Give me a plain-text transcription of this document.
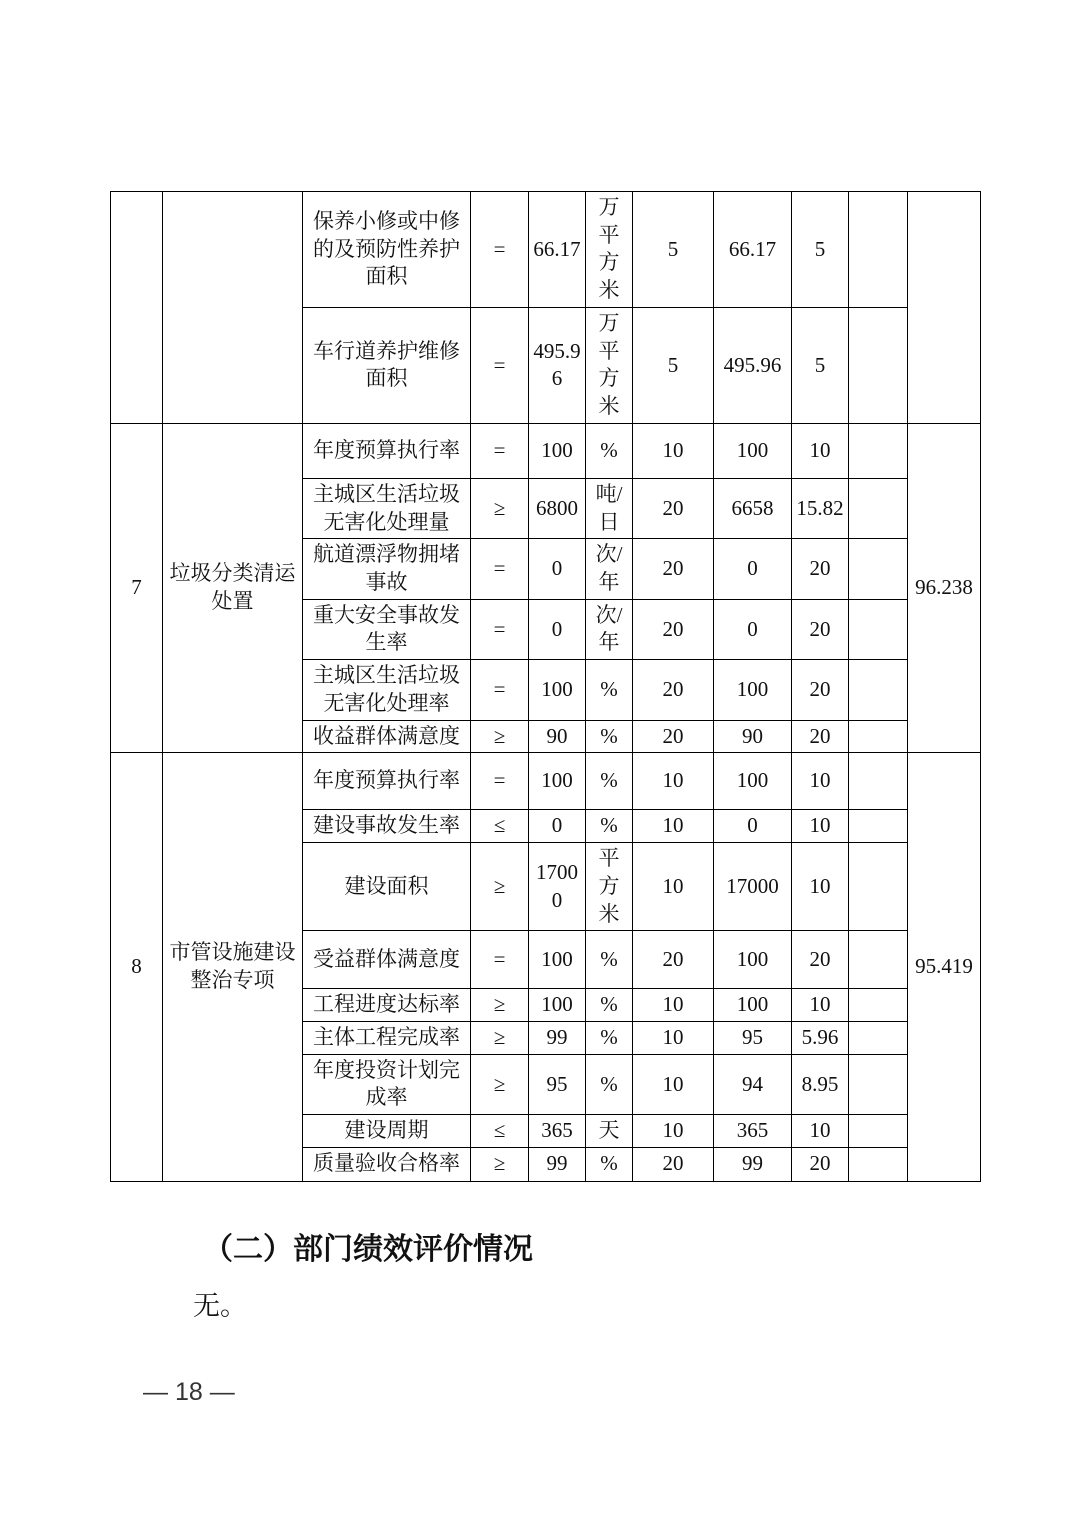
		保养小修或中修的及预防性养护面积	=	66.17	万平方米	5	66.17	5		
		车行道养护维修面积	=	495.96	万平方米	5	495.96	5		
7	垃圾分类清运处置	年度预算执行率	=	100	%	10	100	10		96.238
		主城区生活垃圾无害化处理量	≥	6800	吨/日	20	6658	15.82		
		航道漂浮物拥堵事故	=	0	次/年	20	0	20		
		重大安全事故发生率	=	0	次/年	20	0	20		
		主城区生活垃圾无害化处理率	=	100	%	20	100	20		
		收益群体满意度	≥	90	%	20	90	20		
8	市管设施建设整治专项	年度预算执行率	=	100	%	10	100	10		95.419
		建设事故发生率	≤	0	%	10	0	10		
		建设面积	≥	17000	平方米	10	17000	10		
		受益群体满意度	=	100	%	20	100	20		
		工程进度达标率	≥	100	%	10	100	10		
		主体工程完成率	≥	99	%	10	95	5.96		
		年度投资计划完成率	≥	95	%	10	94	8.95		
		建设周期	≤	365	天	10	365	10		
		质量验收合格率	≥	99	%	20	99	20		
（二）部门绩效评价情况
无。
— 18 —
